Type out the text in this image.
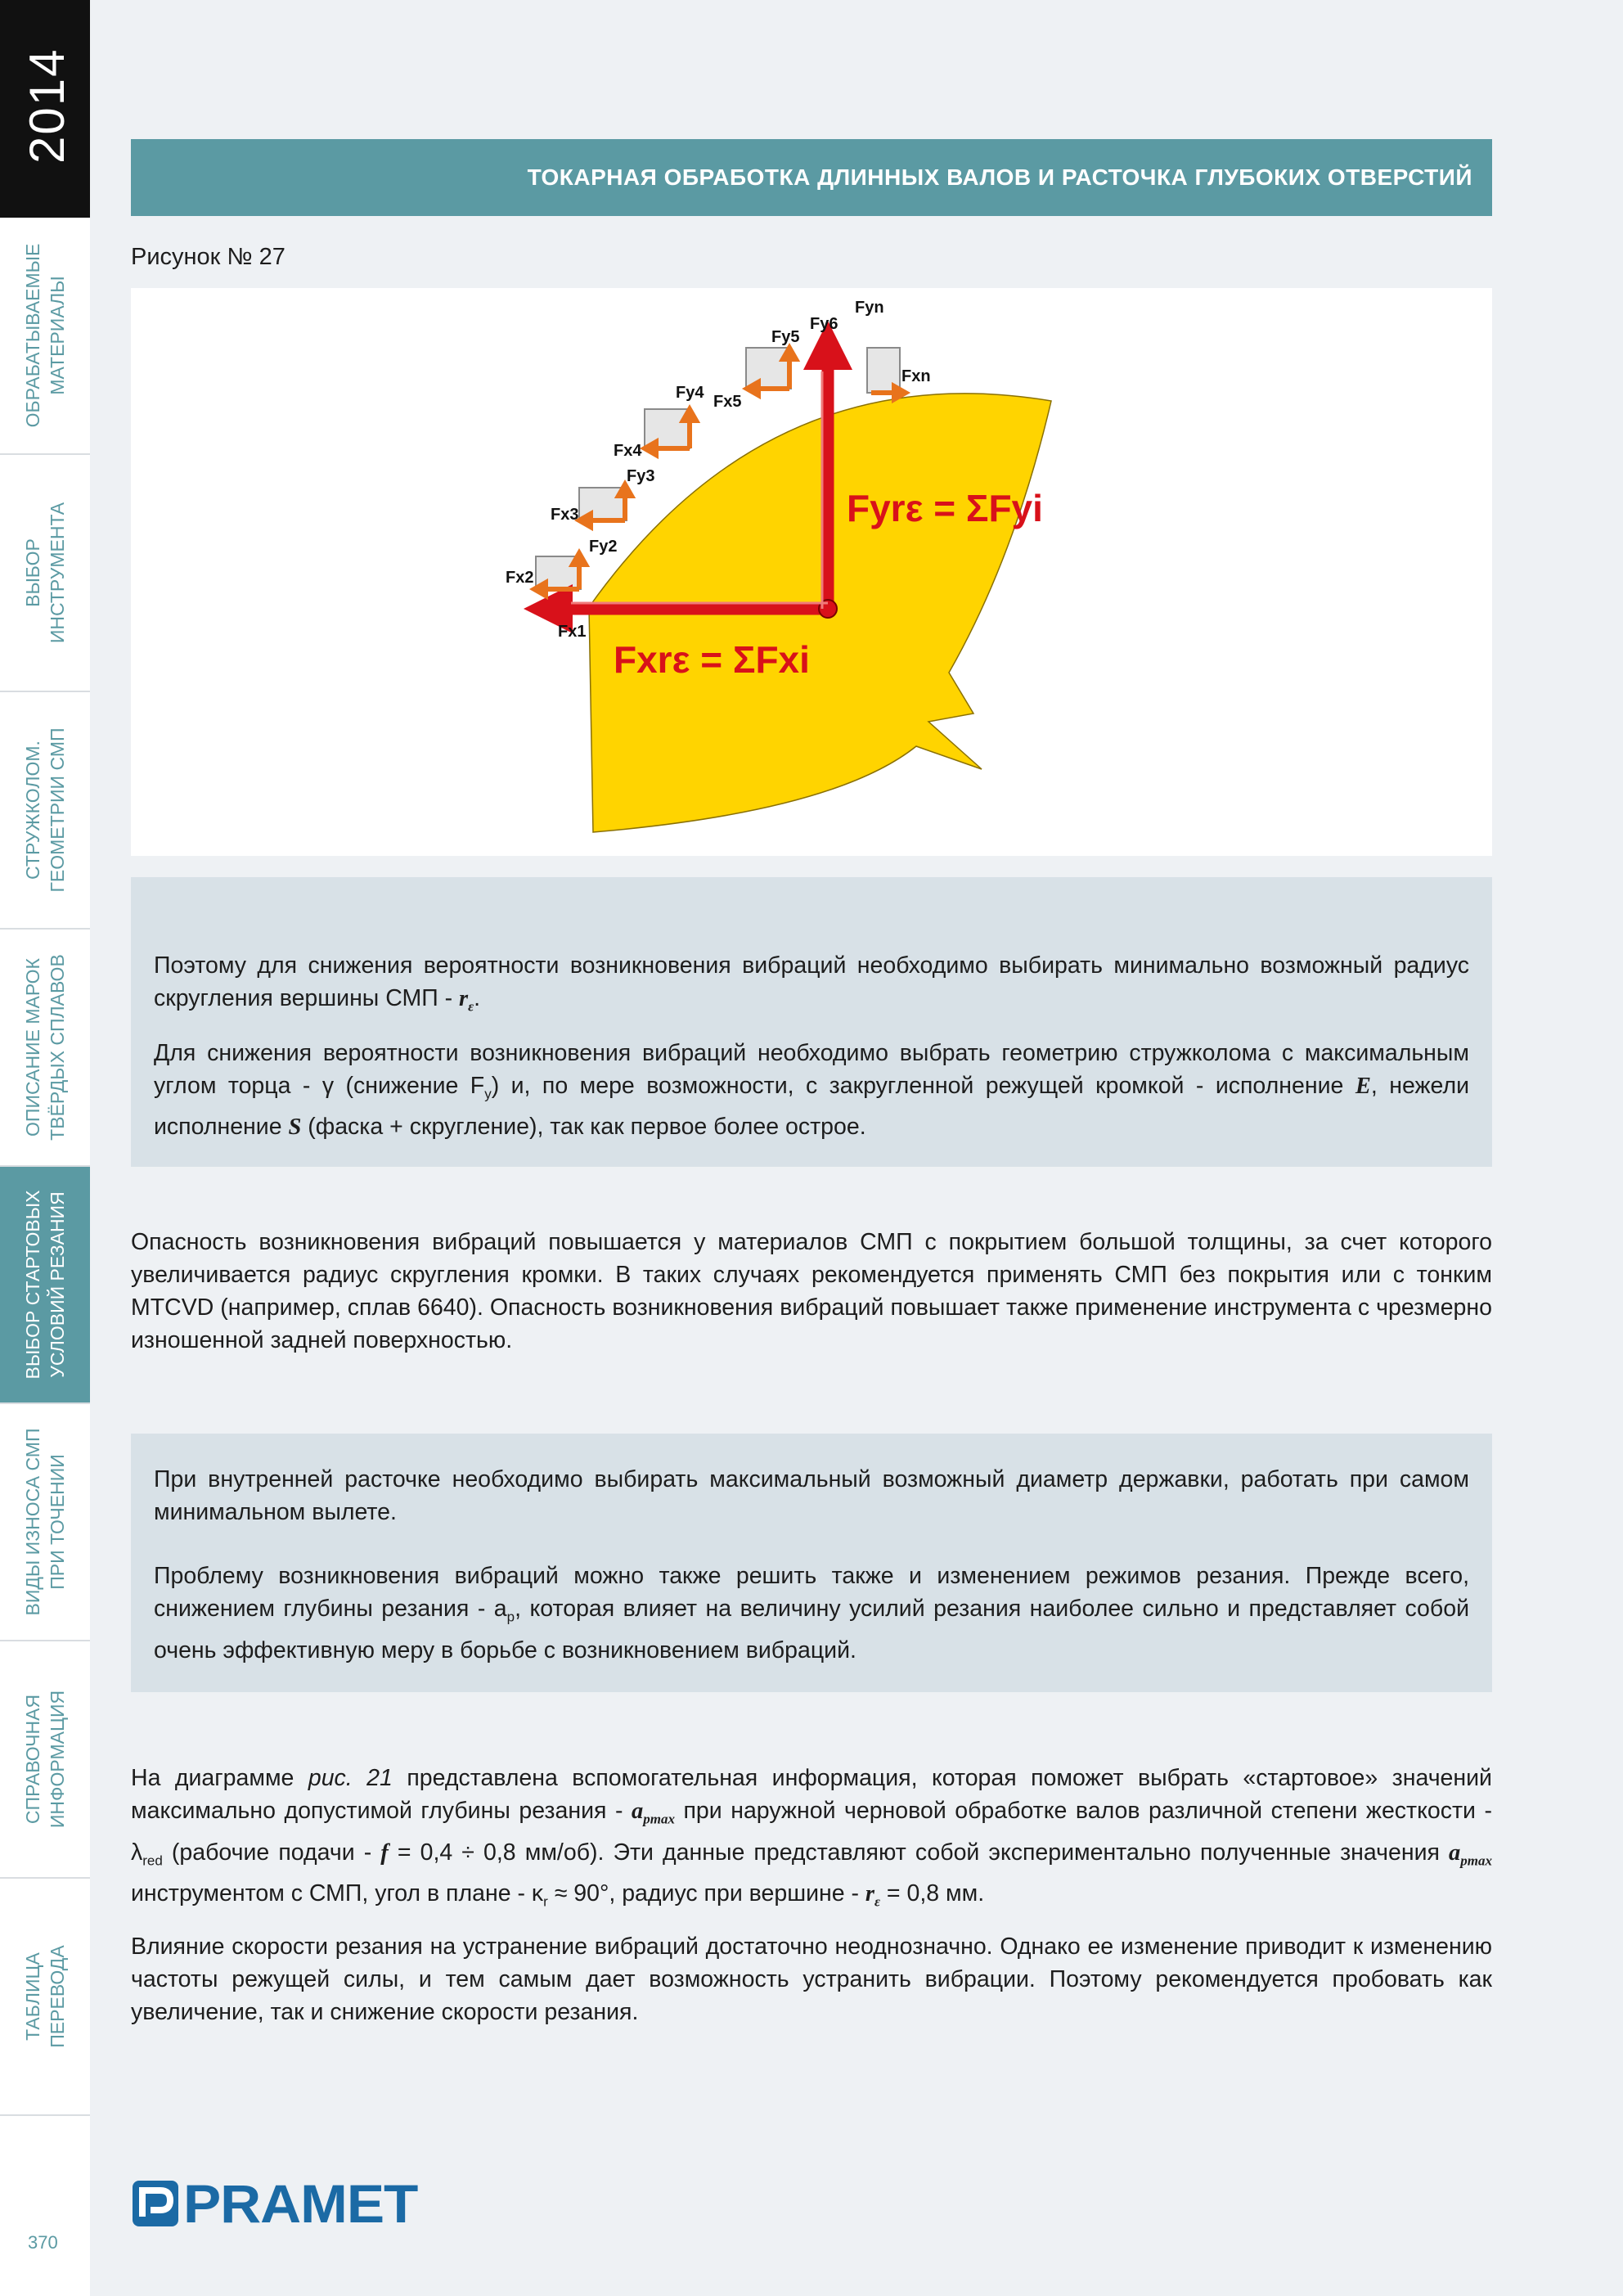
2014
ОБРАБАТЫВАЕМЫЕ МАТЕРИАЛЫ
ВЫБОР ИНСТРУМЕНТА
СТРУЖКОЛОМ. ГЕОМЕТРИИ СМП
ОПИСАНИЕ МАРОК ТВЁРДЫХ СПЛАВОВ
ВЫБОР СТАРТОВЫХ УСЛОВИЙ РЕЗАНИЯ
ВИДЫ ИЗНОСА СМП ПРИ ТОЧЕНИИ
СПРАВОЧНАЯ ИНФОРМАЦИЯ
ТАБЛИЦА ПЕРЕВОДА
370
ТОКАРНАЯ ОБРАБОТКА ДЛИННЫХ ВАЛОВ И РАСТОЧКА ГЛУБОКИХ ОТВЕРСТИЙ
Рисунок № 27
Fy2
Fy3
Fy4
Fy5
Fy6
Fyn
Fx1
Fx2
Fx3
Fx4
Fx5
Fxn
Fyrε = ΣFyi
Fxrε = ΣFxi

Поэтому для снижения вероятности возникновения вибраций необходимо выбирать минимально возможный радиус скругления вершины СМП - $r_\varepsilon$.

Для снижения вероятности возникновения вибраций необходимо выбрать геометрию стружколома с максимальным углом торца - γ (снижение $F_y$) и, по мере возможности, с закругленной режущей кромкой - исполнение E, нежели исполнение S (фаска + скругление), так как первое более острое.

Опасность возникновения вибраций повышается у материалов СМП с покрытием большой толщины, за счет которого увеличивается радиус скругления кромки. В таких случаях рекомендуется применять СМП без покрытия или с тонким MTCVD (например, сплав 6640). Опасность возникновения вибраций повышает также применение инструмента с чрезмерно изношенной задней поверхностью.

При внутренней расточке необходимо выбирать максимальный возможный диаметр державки, работать при самом минимальном вылете.

Проблему возникновения вибраций можно также решить также и изменением режимов резания. Прежде всего, снижением глубины резания - $a_p$, которая влияет на величину усилий резания наиболее сильно и представляет собой очень эффективную меру в борьбе с возникновением вибраций.

На диаграмме рис. 21 представлена вспомогательная информация, которая поможет выбрать «стартовое» значений максимально допустимой глубины резания - $a_{pmax}$ при наружной черновой обработке валов различной степени жесткости - $\lambda_{red}$ (рабочие подачи - f = 0,4 ÷ 0,8 мм/об). Эти данные представляют собой экспериментально полученные значения $a_{pmax}$ инструментом с СМП, угол в плане - $\kappa_r \approx 90^\circ$, радиус при вершине - $r_\varepsilon = 0,8$ мм.

Влияние скорости резания на устранение вибраций достаточно неоднозначно. Однако ее изменение приводит к изменению частоты режущей силы, и тем самым дает возможность устранить вибрации. Поэтому рекомендуется пробовать как увеличение, так и снижение скорости резания.

PRAMET
